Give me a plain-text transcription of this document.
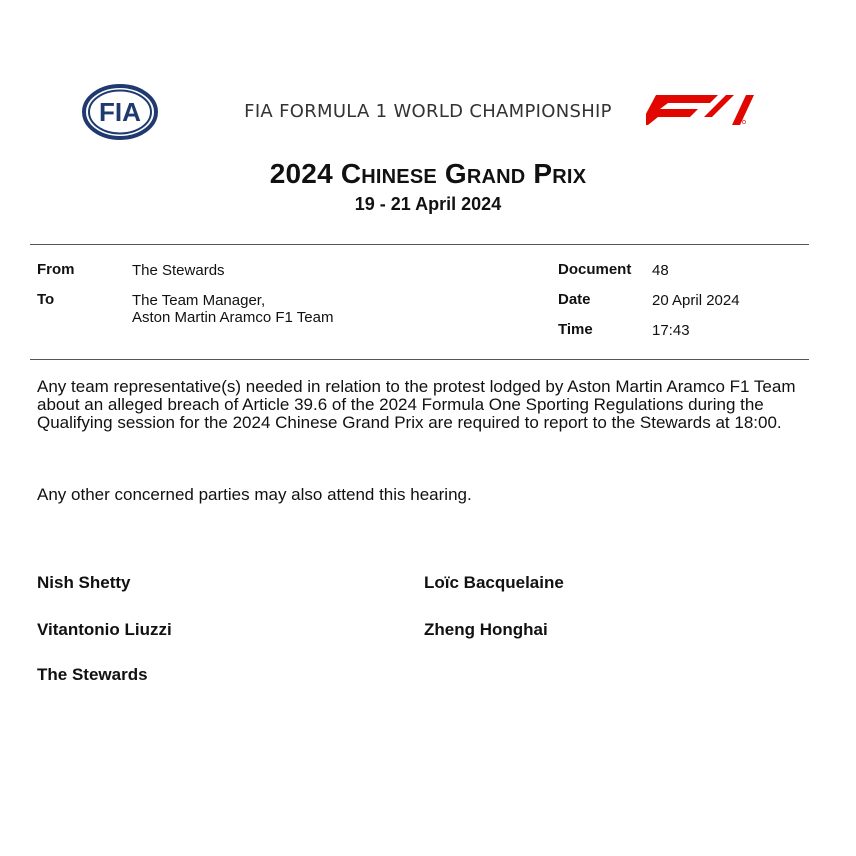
FIA	FIA FORMULA 1 WORLD CHAMPIONSHIP
2024 Chinese Grand Prix
19 - 21 April 2024
From	The Stewards
To	The Team Manager,
Aston Martin Aramco F1 Team
Document 48
Date	20 April 2024
Time	17:43
Any team representative(s) needed in relation to the protest lodged by Aston Martin Aramco F1 Team about an alleged breach of Article 39.6 of the 2024 Formula One Sporting Regulations during the Qualifying session for the 2024 Chinese Grand Prix are required to report to the Stewards at 18:00.
Any other concerned parties may also attend this hearing.
Nish Shetty	Loïc Bacquelaine
Vitantonio Liuzzi	Zheng Honghai
The Stewards
